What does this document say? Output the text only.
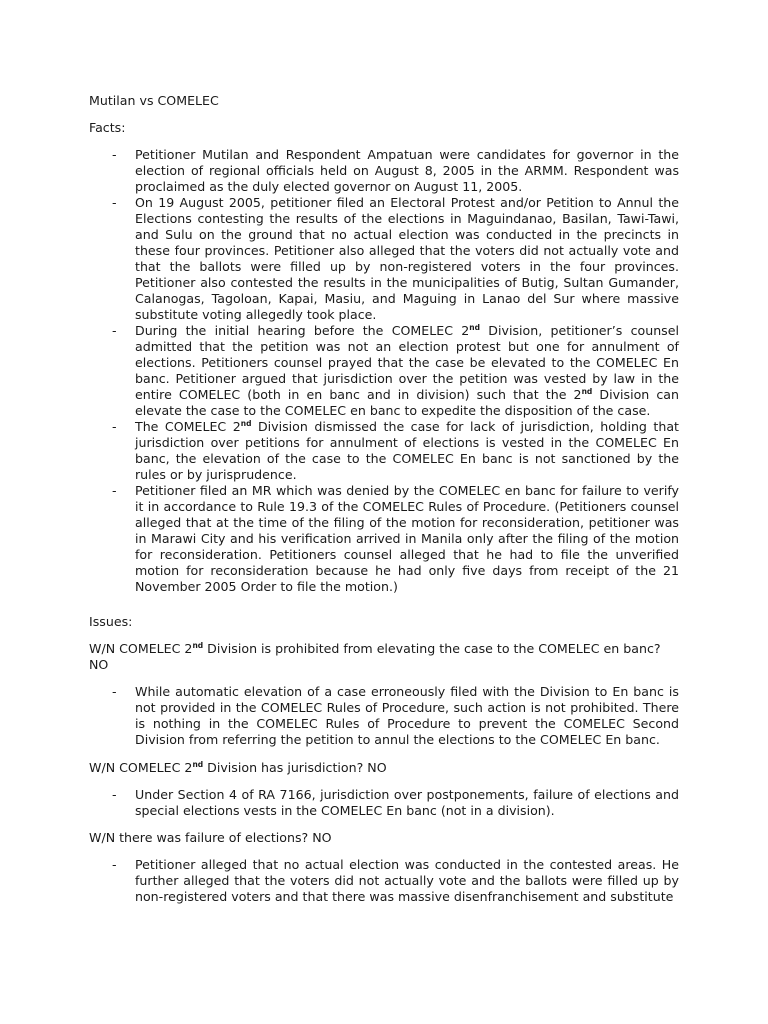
Mutilan vs COMELEC

Facts:

- Petitioner Mutilan and Respondent Ampatuan were candidates for governor in the election of regional officials held on August 8, 2005 in the ARMM. Respondent was proclaimed as the duly elected governor on August 11, 2005.
- On 19 August 2005, petitioner filed an Electoral Protest and/or Petition to Annul the Elections contesting the results of the elections in Maguindanao, Basilan, Tawi-Tawi, and Sulu on the ground that no actual election was conducted in the precincts in these four provinces. Petitioner also alleged that the voters did not actually vote and that the ballots were filled up by non-registered voters in the four provinces. Petitioner also contested the results in the municipalities of Butig, Sultan Gumander, Calanogas, Tagoloan, Kapai, Masiu, and Maguing in Lanao del Sur where massive substitute voting allegedly took place.
- During the initial hearing before the COMELEC 2nd Division, petitioner’s counsel admitted that the petition was not an election protest but one for annulment of elections. Petitioners counsel prayed that the case be elevated to the COMELEC En banc. Petitioner argued that jurisdiction over the petition was vested by law in the entire COMELEC (both in en banc and in division) such that the 2nd Division can elevate the case to the COMELEC en banc to expedite the disposition of the case.
- The COMELEC 2nd Division dismissed the case for lack of jurisdiction, holding that jurisdiction over petitions for annulment of elections is vested in the COMELEC En banc, the elevation of the case to the COMELEC En banc is not sanctioned by the rules or by jurisprudence.
- Petitioner filed an MR which was denied by the COMELEC en banc for failure to verify it in accordance to Rule 19.3 of the COMELEC Rules of Procedure. (Petitioners counsel alleged that at the time of the filing of the motion for reconsideration, petitioner was in Marawi City and his verification arrived in Manila only after the filing of the motion for reconsideration. Petitioners counsel alleged that he had to file the unverified motion for reconsideration because he had only five days from receipt of the 21 November 2005 Order to file the motion.)

Issues:

W/N COMELEC 2nd Division is prohibited from elevating the case to the COMELEC en banc? NO

- While automatic elevation of a case erroneously filed with the Division to En banc is not provided in the COMELEC Rules of Procedure, such action is not prohibited. There is nothing in the COMELEC Rules of Procedure to prevent the COMELEC Second Division from referring the petition to annul the elections to the COMELEC En banc.

W/N COMELEC 2nd Division has jurisdiction? NO

- Under Section 4 of RA 7166, jurisdiction over postponements, failure of elections and special elections vests in the COMELEC En banc (not in a division).

W/N there was failure of elections? NO

- Petitioner alleged that no actual election was conducted in the contested areas. He further alleged that the voters did not actually vote and the ballots were filled up by non-registered voters and that there was massive disenfranchisement and substitute
